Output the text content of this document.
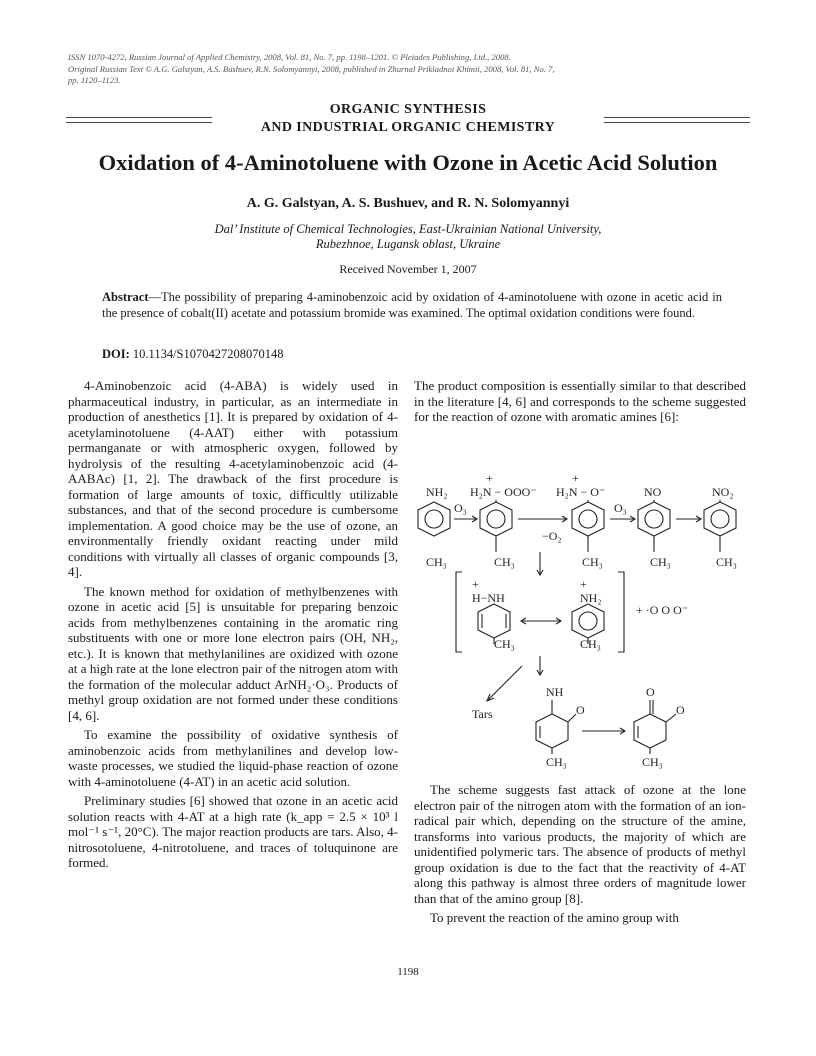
ISSN 1070-4272, Russian Journal of Applied Chemistry, 2008, Vol. 81, No. 7, pp. 1198–1201. © Pleiades Publishing, Ltd., 2008.
Original Russian Text © A.G. Galstyan, A.S. Bushuev, R.N. Solomyannyi, 2008, published in Zhurnal Prikladnoi Khimii, 2008, Vol. 81, No. 7,
pp. 1120–1123.
ORGANIC SYNTHESIS
AND INDUSTRIAL ORGANIC CHEMISTRY
Oxidation of 4-Aminotoluene with Ozone in Acetic Acid Solution
A. G. Galstyan, A. S. Bushuev, and R. N. Solomyannyi
Dal’ Institute of Chemical Technologies, East-Ukrainian National University,
Rubezhnoe, Lugansk oblast, Ukraine
Received November 1, 2007
Abstract—The possibility of preparing 4-aminobenzoic acid by oxidation of 4-aminotoluene with ozone in acetic acid in the presence of cobalt(II) acetate and potassium bromide was examined. The optimal oxidation conditions were found.
DOI: 10.1134/S1070427208070148

4-Aminobenzoic acid (4-ABA) is widely used in pharmaceutical industry, in particular, as an intermediate in production of anesthetics [1]. It is prepared by oxidation of 4-acetylaminotoluene (4-AAT) either with potassium permanganate or with atmospheric oxygen, followed by hydrolysis of the resulting 4-acetylaminobenzoic acid (4-AABAc) [1, 2]. The drawback of the first procedure is formation of large amounts of toxic, difficultly utilizable substances, and that of the second procedure is cumbersome implementation. A good choice may be the use of ozone, an environmentally friendly oxidant reacting under mild conditions with virtually all classes of organic compounds [3, 4].

The known method for oxidation of methylbenzenes with ozone in acetic acid [5] is unsuitable for preparing benzoic acids from methylbenzenes containing in the aromatic ring substituents with one or more lone electron pairs (OH, NH₂, etc.). It is known that methylanilines are oxidized with ozone at a high rate at the lone electron pair of the nitrogen atom with the formation of the molecular adduct ArNH₂·O₃. Products of methyl group oxidation are not formed under these conditions [4, 6].

To examine the possibility of oxidative synthesis of aminobenzoic acids from methylanilines and develop low-waste processes, we studied the liquid-phase reaction of ozone with 4-aminotoluene (4-AT) in an acetic acid solution.

Preliminary studies [6] showed that ozone in an acetic acid solution reacts with 4-AT at a high rate (k_app = 2.5 × 10³ l mol⁻¹ s⁻¹, 20°C). The major reaction products are tars. Also, 4-nitrosotoluene, 4-nitrotoluene, and traces of toluquinone are formed.

The product composition is essentially similar to that described in the literature [4, 6] and corresponds to the scheme suggested for the reaction of ozone with aromatic amines [6]:

NH₂ H₂N − OOO⁻ H₂N − O⁻	NO	NO₂
+	+
O₃	O₃
−O₂
CH₃	CH₃	CH₃	CH₃	CH₃
+	+
H−NH	NH₂
+ ·O O O⁻
CH₃	CH₃
Tars
NH
O
O
O
CH₃	CH₃

The scheme suggests fast attack of ozone at the lone electron pair of the nitrogen atom with the formation of an ion-radical pair which, depending on the structure of the amine, transforms into various products, the majority of which are unidentified polymeric tars. The absence of products of methyl group oxidation is due to the fact that the reactivity of 4-AT along this pathway is almost three orders of magnitude lower than that of the amino group [8].

To prevent the reaction of the amino group with

1198
